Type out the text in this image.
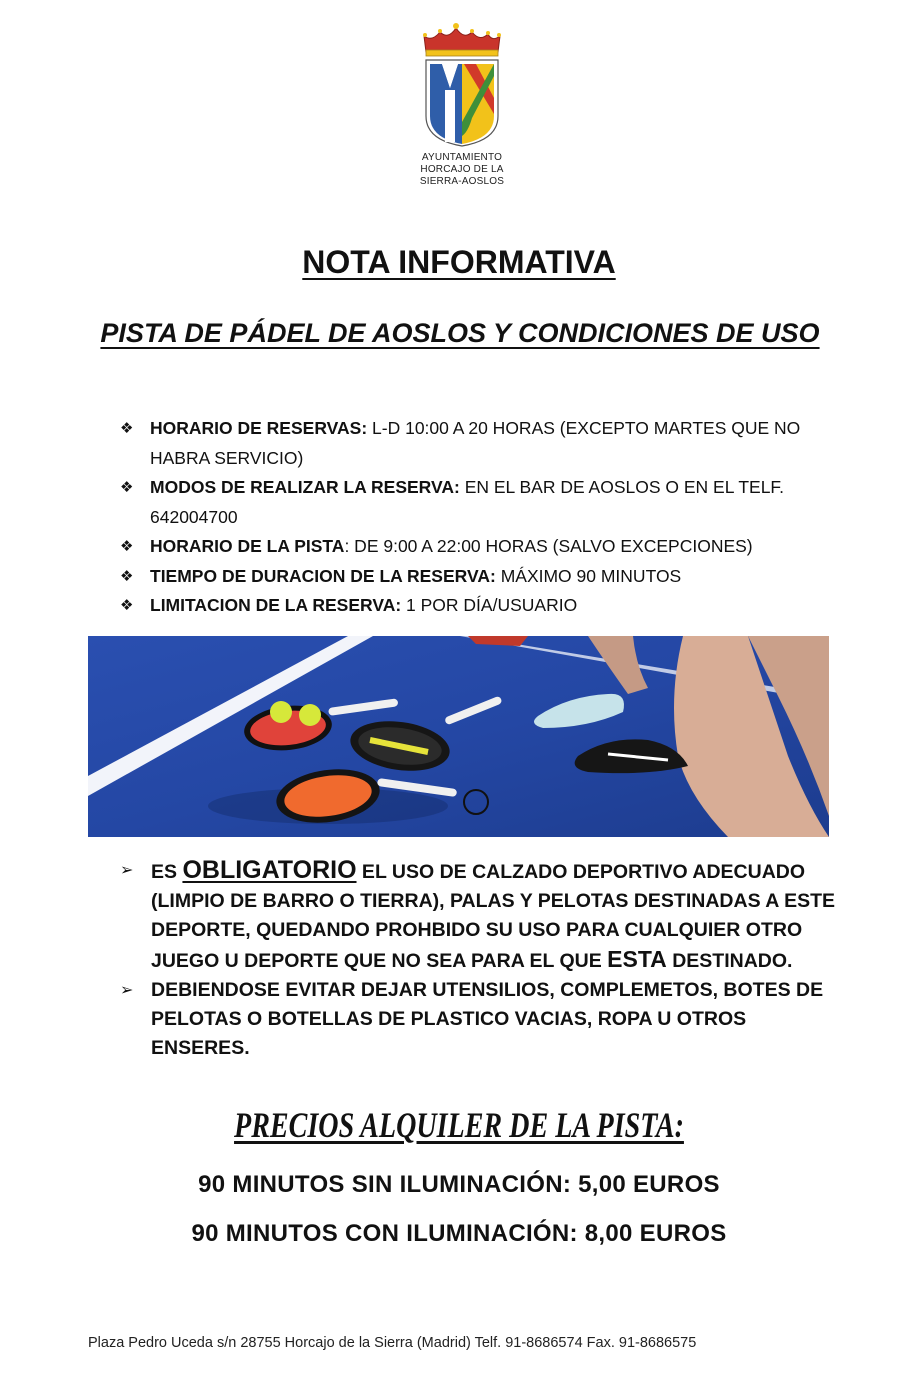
AYUNTAMIENTO
HORCAJO DE LA
SIERRA-AOSLOS
NOTA INFORMATIVA
PISTA DE PÁDEL DE AOSLOS Y CONDICIONES DE USO
❖ HORARIO DE RESERVAS: L-D 10:00 A 20 HORAS (EXCEPTO MARTES QUE NO HABRA SERVICIO)
❖ MODOS DE REALIZAR LA RESERVA: EN EL BAR DE AOSLOS O EN EL TELF. 642004700
❖ HORARIO DE LA PISTA: DE 9:00 A 22:00 HORAS (SALVO EXCEPCIONES)
❖ TIEMPO DE DURACION DE LA RESERVA: MÁXIMO 90 MINUTOS
❖ LIMITACION DE LA RESERVA: 1 POR DÍA/USUARIO
➢ ES OBLIGATORIO EL USO DE CALZADO DEPORTIVO ADECUADO (LIMPIO DE BARRO O TIERRA), PALAS Y PELOTAS DESTINADAS A ESTE DEPORTE, QUEDANDO PROHBIDO SU USO PARA CUALQUIER OTRO JUEGO U DEPORTE QUE NO SEA PARA EL QUE ESTA DESTINADO.
➢ DEBIENDOSE EVITAR DEJAR UTENSILIOS, COMPLEMETOS, BOTES DE PELOTAS O BOTELLAS DE PLASTICO VACIAS, ROPA U OTROS ENSERES.
PRECIOS ALQUILER DE LA PISTA:
90 MINUTOS SIN ILUMINACIÓN: 5,00 EUROS
90 MINUTOS CON ILUMINACIÓN: 8,00 EUROS
Plaza Pedro Uceda s/n 28755 Horcajo de la Sierra (Madrid) Telf. 91-8686574 Fax. 91-8686575
